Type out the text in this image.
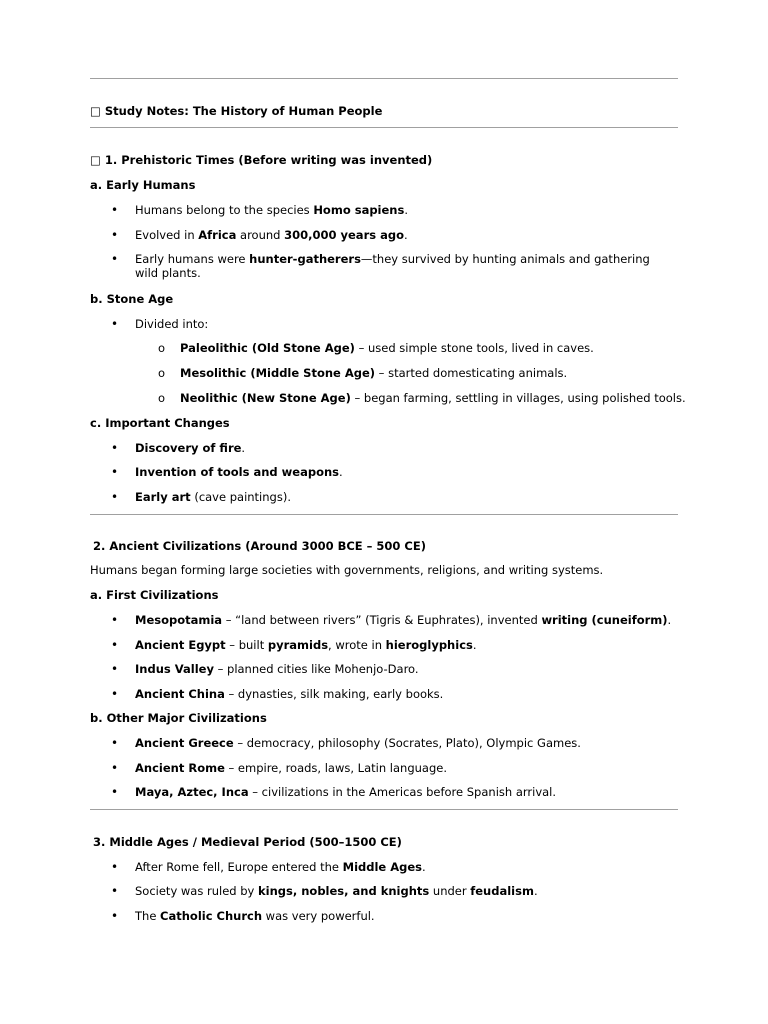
□ Study Notes: The History of Human People
□ 1. Prehistoric Times (Before writing was invented)
a. Early Humans
• Humans belong to the species Homo sapiens.
• Evolved in Africa around 300,000 years ago.
• Early humans were hunter-gatherers—they survived by hunting animals and gathering wild plants.
b. Stone Age
• Divided into:
o Paleolithic (Old Stone Age) – used simple stone tools, lived in caves.
o Mesolithic (Middle Stone Age) – started domesticating animals.
o Neolithic (New Stone Age) – began farming, settling in villages, using polished tools.
c. Important Changes
• Discovery of fire.
• Invention of tools and weapons.
• Early art (cave paintings).
2. Ancient Civilizations (Around 3000 BCE – 500 CE)
Humans began forming large societies with governments, religions, and writing systems.
a. First Civilizations
• Mesopotamia – “land between rivers” (Tigris & Euphrates), invented writing (cuneiform).
• Ancient Egypt – built pyramids, wrote in hieroglyphics.
• Indus Valley – planned cities like Mohenjo-Daro.
• Ancient China – dynasties, silk making, early books.
b. Other Major Civilizations
• Ancient Greece – democracy, philosophy (Socrates, Plato), Olympic Games.
• Ancient Rome – empire, roads, laws, Latin language.
• Maya, Aztec, Inca – civilizations in the Americas before Spanish arrival.
3. Middle Ages / Medieval Period (500–1500 CE)
• After Rome fell, Europe entered the Middle Ages.
• Society was ruled by kings, nobles, and knights under feudalism.
• The Catholic Church was very powerful.
